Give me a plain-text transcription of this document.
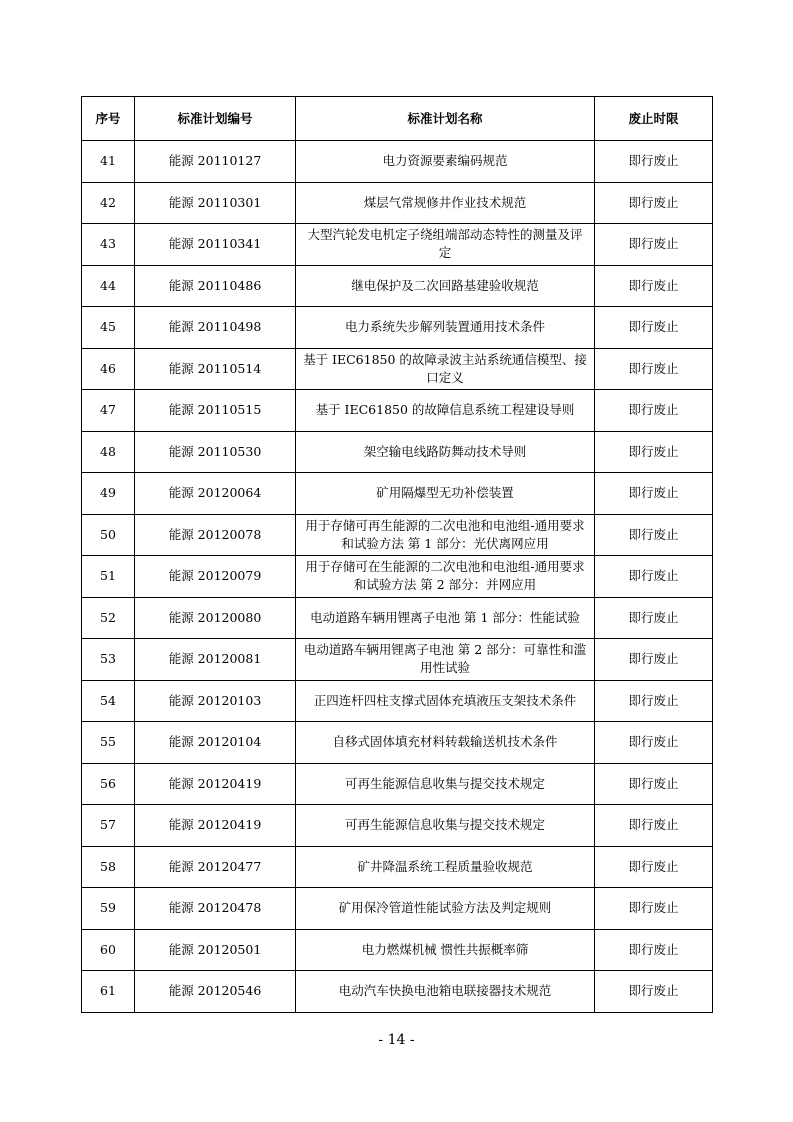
序号	标准计划编号	标准计划名称	废止时限
41	能源 20110127	电力资源要素编码规范	即行废止
42	能源 20110301	煤层气常规修井作业技术规范	即行废止
43	能源 20110341	大型汽轮发电机定子绕组端部动态特性的测量及评定	即行废止
44	能源 20110486	继电保护及二次回路基建验收规范	即行废止
45	能源 20110498	电力系统失步解列装置通用技术条件	即行废止
46	能源 20110514	基于 IEC61850 的故障录波主站系统通信模型、接口定义	即行废止
47	能源 20110515	基于 IEC61850 的故障信息系统工程建设导则	即行废止
48	能源 20110530	架空输电线路防舞动技术导则	即行废止
49	能源 20120064	矿用隔爆型无功补偿装置	即行废止
50	能源 20120078	用于存储可再生能源的二次电池和电池组-通用要求和试验方法 第 1 部分：光伏离网应用	即行废止
51	能源 20120079	用于存储可在生能源的二次电池和电池组-通用要求和试验方法 第 2 部分：并网应用	即行废止
52	能源 20120080	电动道路车辆用锂离子电池 第 1 部分：性能试验	即行废止
53	能源 20120081	电动道路车辆用锂离子电池 第 2 部分：可靠性和滥用性试验	即行废止
54	能源 20120103	正四连杆四柱支撑式固体充填液压支架技术条件	即行废止
55	能源 20120104	自移式固体填充材料转载输送机技术条件	即行废止
56	能源 20120419	可再生能源信息收集与提交技术规定	即行废止
57	能源 20120419	可再生能源信息收集与提交技术规定	即行废止
58	能源 20120477	矿井降温系统工程质量验收规范	即行废止
59	能源 20120478	矿用保冷管道性能试验方法及判定规则	即行废止
60	能源 20120501	电力燃煤机械 惯性共振概率筛	即行废止
61	能源 20120546	电动汽车快换电池箱电联接器技术规范	即行废止
- 14 -
